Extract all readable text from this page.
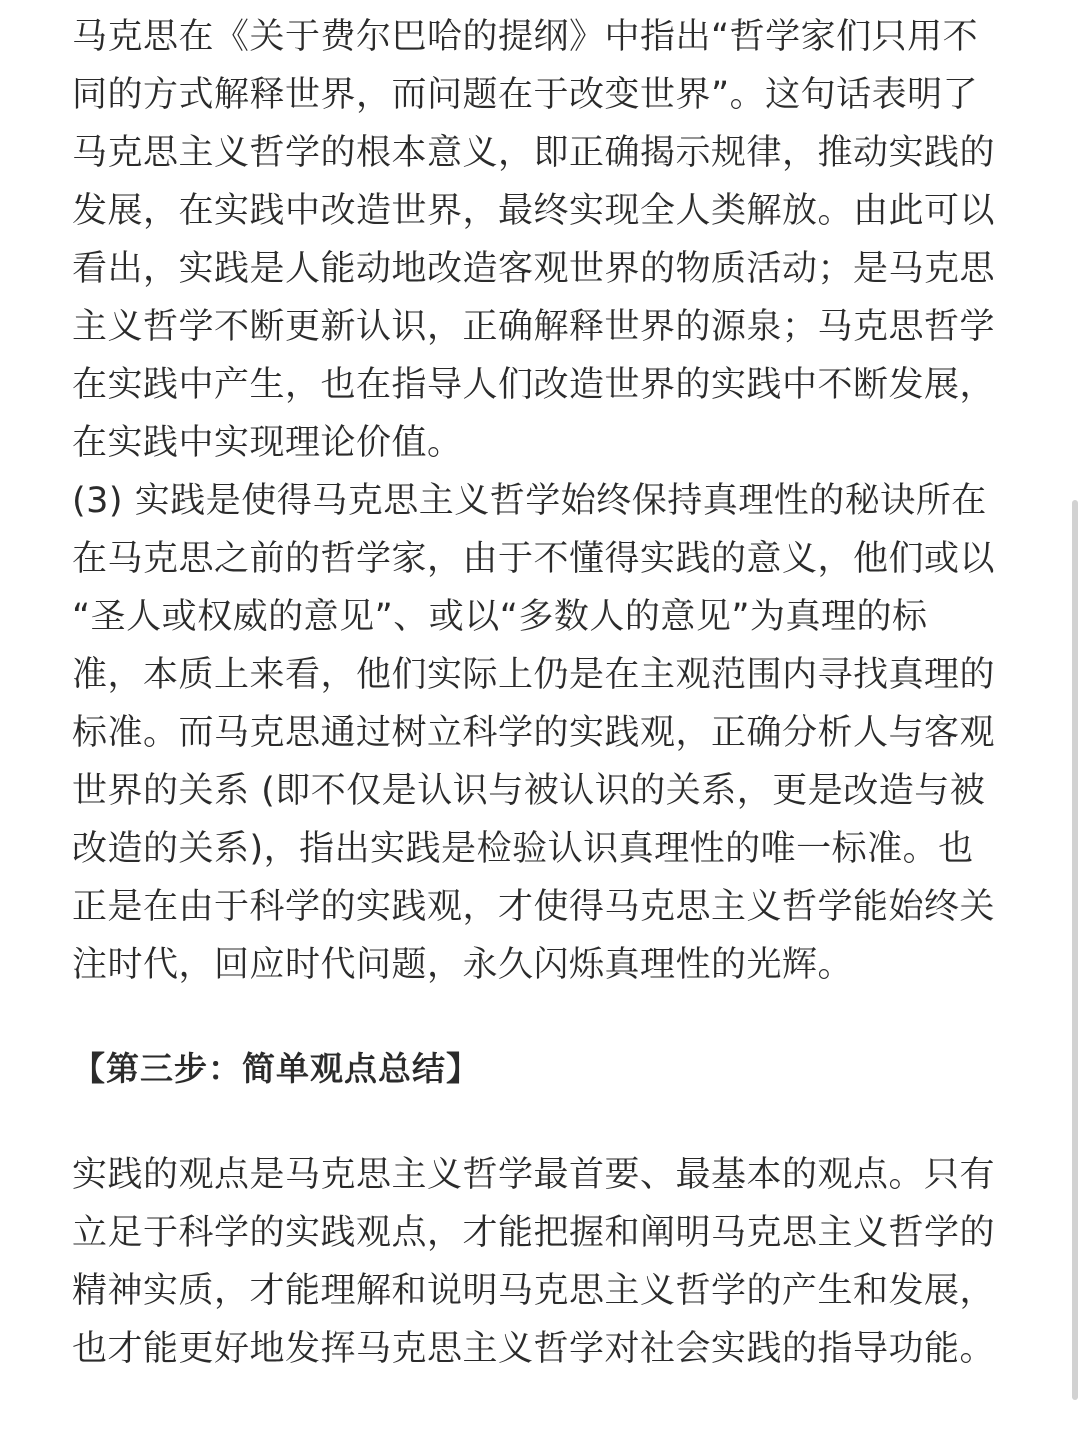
马克思在《关于费尔巴哈的提纲》中指出“哲学家们只用不
同的方式解释世界，而问题在于改变世界”。这句话表明了
马克思主义哲学的根本意义，即正确揭示规律，推动实践的
发展，在实践中改造世界，最终实现全人类解放。由此可以
看出，实践是人能动地改造客观世界的物质活动；是马克思
主义哲学不断更新认识，正确解释世界的源泉；马克思哲学
在实践中产生，也在指导人们改造世界的实践中不断发展，
在实践中实现理论价值。
(3) 实践是使得马克思主义哲学始终保持真理性的秘诀所在
在马克思之前的哲学家，由于不懂得实践的意义，他们或以
“圣人或权威的意见”、或以“多数人的意见”为真理的标
准，本质上来看，他们实际上仍是在主观范围内寻找真理的
标准。而马克思通过树立科学的实践观，正确分析人与客观
世界的关系 (即不仅是认识与被认识的关系，更是改造与被
改造的关系)，指出实践是检验认识真理性的唯一标准。也
正是在由于科学的实践观，才使得马克思主义哲学能始终关
注时代，回应时代问题，永久闪烁真理性的光辉。
【第三步：简单观点总结】
实践的观点是马克思主义哲学最首要、最基本的观点。只有
立足于科学的实践观点，才能把握和阐明马克思主义哲学的
精神实质，才能理解和说明马克思主义哲学的产生和发展，
也才能更好地发挥马克思主义哲学对社会实践的指导功能。
